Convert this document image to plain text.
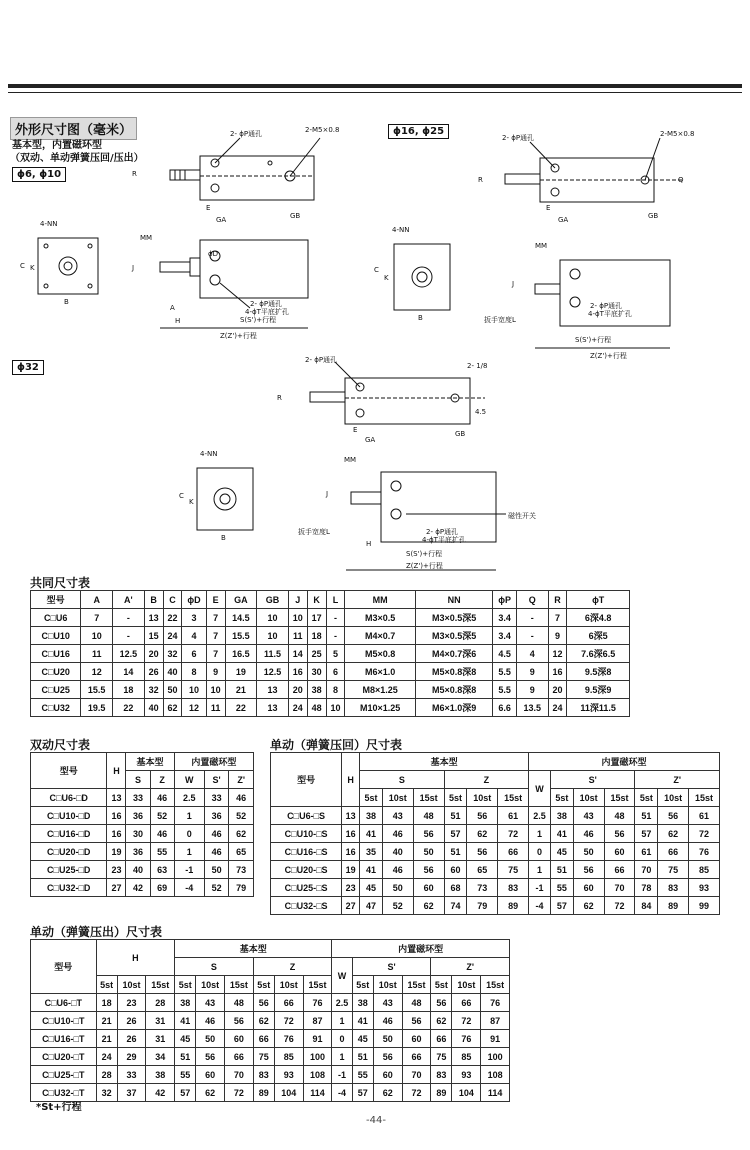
外形尺寸图（毫米）
基本型，内置磁环型
（双动、单动弹簧压回/压出）
ϕ6, ϕ10
ϕ16, ϕ25
ϕ32
2- ϕP通孔	2-M5×0.8
R
E
GA	GB
4-NN
C K
B
MM
J
ϕD
A
H
2- ϕP通孔
4-ϕT平底扩孔
S(S')+行程
Z(Z')+行程
2- ϕP通孔	2-M5×0.8
R
E
GA	GB
Q
4-NN
C
K
B
MM
J
扳手宽度L
2- ϕP通孔
4-ϕT平底扩孔
S(S')+行程
Z(Z')+行程
2- ϕP通孔
2- 1/8
R
E
GA
GB
4.5
4-NN
C
K
B
MM
J
扳手宽度L
H
2- ϕP通孔
4-ϕT平底扩孔
S(S')+行程
Z(Z')+行程
磁性开关
共同尺寸表
型号	A	A'	B	C	ϕD	E	GA	GB	J	K	L	MM	NN	ϕP	Q	R	ϕT
C□U6	7	-	13	22	3	7	14.5	10	10	17	-	M3×0.5	M3×0.5深5	3.4	-	7	6深4.8
C□U10	10	-	15	24	4	7	15.5	10	11	18	-	M4×0.7	M3×0.5深5	3.4	-	9	6深5
C□U16	11	12.5	20	32	6	7	16.5	11.5	14	25	5	M5×0.8	M4×0.7深6	4.5	4	12	7.6深6.5
C□U20	12	14	26	40	8	9	19	12.5	16	30	6	M6×1.0	M5×0.8深8	5.5	9	16	9.5深8
C□U25	15.5	18	32	50	10	10	21	13	20	38	8	M8×1.25	M5×0.8深8	5.5	9	20	9.5深9
C□U32	19.5	22	40	62	12	11	22	13	24	48	10	M10×1.25	M6×1.0深9	6.6	13.5	24	11深11.5
双动尺寸表
型号	H	基本型		内置磁环型		
		S	Z	W	S'	Z'
C□U6-□D	13	33	46	2.5	33	46
C□U10-□D	16	36	52	1	36	52
C□U16-□D	16	30	46	0	46	62
C□U20-□D	19	36	55	1	46	65
C□U25-□D	23	40	63	-1	50	73
C□U32-□D	27	42	69	-4	52	79
单动（弹簧压回）尺寸表
型号	H	基本型						内置磁环型						
		S			Z			W	S'			Z'		
		5st	10st	15st	5st	10st	15st		5st	10st	15st	5st	10st	15st
C□U6-□S	13	38	43	48	51	56	61	2.5	38	43	48	51	56	61
C□U10-□S	16	41	46	56	57	62	72	1	41	46	56	57	62	72
C□U16-□S	16	35	40	50	51	56	66	0	45	50	60	61	66	76
C□U20-□S	19	41	46	56	60	65	75	1	51	56	66	70	75	85
C□U25-□S	23	45	50	60	68	73	83	-1	55	60	70	78	83	93
C□U32-□S	27	47	52	62	74	79	89	-4	57	62	72	84	89	99
单动（弹簧压出）尺寸表
型号	H			基本型						内置磁环型						
				S			Z			W	S'			Z'		
	5st	10st	15st	5st	10st	15st	5st	10st	15st		5st	10st	15st	5st	10st	15st
C□U6-□T	18	23	28	38	43	48	56	66	76	2.5	38	43	48	56	66	76
C□U10-□T	21	26	31	41	46	56	62	72	87	1	41	46	56	62	72	87
C□U16-□T	21	26	31	45	50	60	66	76	91	0	45	50	60	66	76	91
C□U20-□T	24	29	34	51	56	66	75	85	100	1	51	56	66	75	85	100
C□U25-□T	28	33	38	55	60	70	83	93	108	-1	55	60	70	83	93	108
C□U32-□T	32	37	42	57	62	72	89	104	114	-4	57	62	72	89	104	114
*St+行程
-44-
